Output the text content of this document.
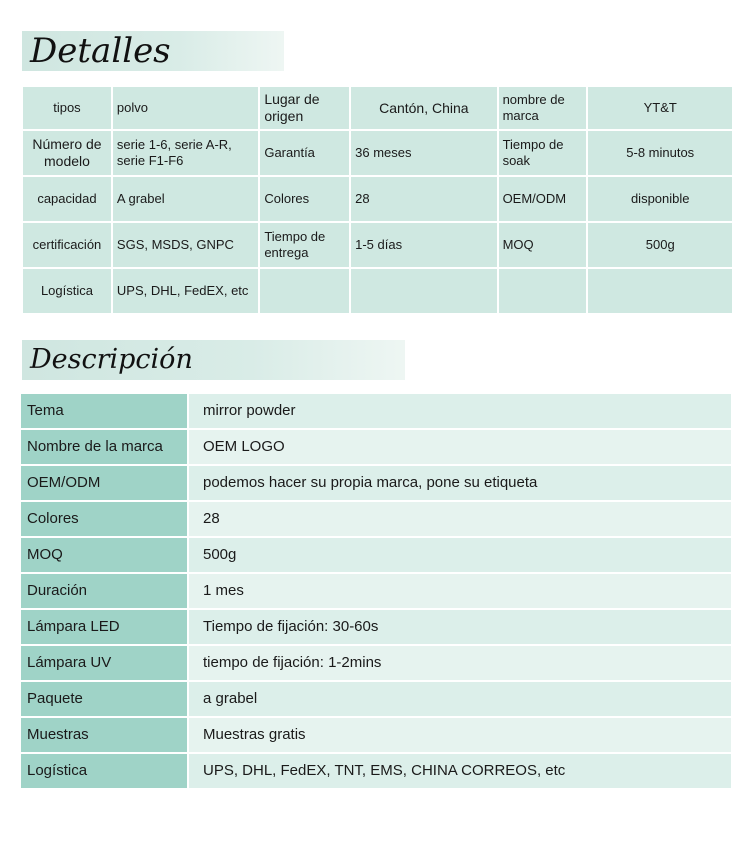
Detalles
tipos	polvo	Lugar de origen	Cantón, China	nombre de marca	YT&T
Número de modelo	serie 1-6, serie A-R, serie F1-F6	Garantía	36 meses	Tiempo de soak	5-8 minutos
capacidad	A grabel	Colores	28	OEM/ODM	disponible
certificación	SGS, MSDS, GNPC	Tiempo de entrega	1-5 días	MOQ	500g
Logística	UPS, DHL, FedEX, etc				
Descripción
Tema	mirror powder
Nombre de la marca	OEM LOGO
OEM/ODM	podemos hacer su propia marca, pone su etiqueta
Colores	28
MOQ	500g
Duración	1 mes
Lámpara LED	Tiempo de fijación: 30-60s
Lámpara UV	tiempo de fijación: 1-2mins
Paquete	a grabel
Muestras	Muestras gratis
Logística	UPS, DHL, FedEX, TNT, EMS, CHINA CORREOS, etc
